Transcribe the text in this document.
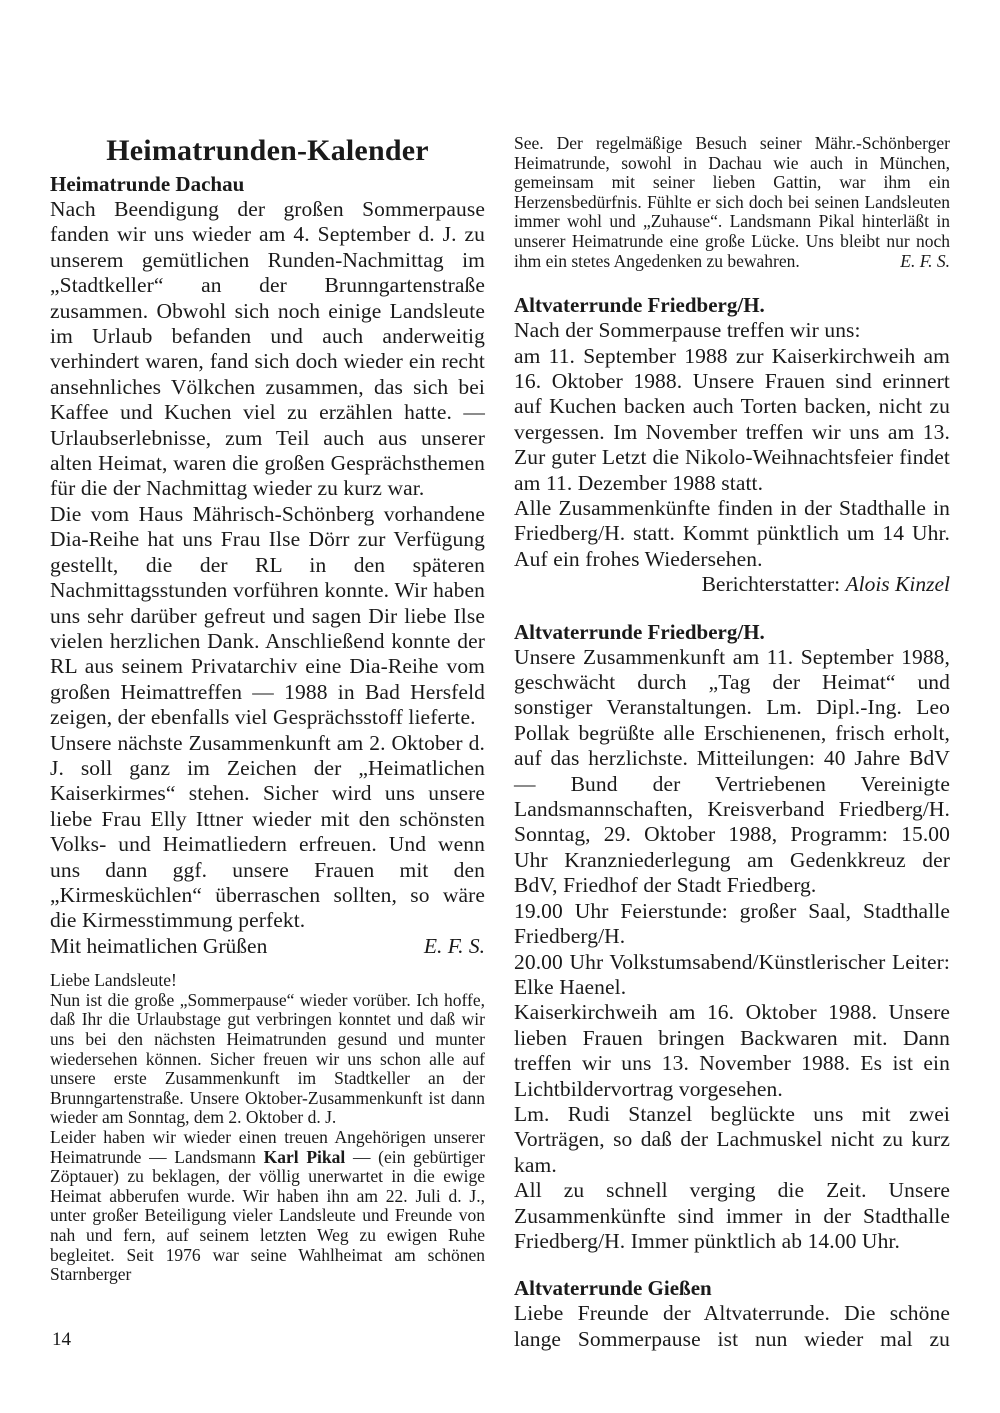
Heimatrunden-Kalender
Heimatrunde Dachau

Nach Beendigung der großen Sommerpause fanden wir uns wieder am 4. September d. J. zu unserem gemütlichen Runden-Nachmittag im „Stadtkeller“ an der Brunngartenstraße zusammen. Obwohl sich noch einige Landsleute im Urlaub befanden und auch anderweitig verhindert waren, fand sich doch wieder ein recht ansehnliches Völkchen zusammen, das sich bei Kaffee und Kuchen viel zu erzählen hatte. — Urlaubserlebnisse, zum Teil auch aus unserer alten Heimat, waren die großen Gesprächsthemen für die der Nachmittag wieder zu kurz war.

Die vom Haus Mährisch-Schönberg vorhandene Dia-Reihe hat uns Frau Ilse Dörr zur Verfügung gestellt, die der RL in den späteren Nachmittagsstunden vorführen konnte. Wir haben uns sehr darüber gefreut und sagen Dir liebe Ilse vielen herzlichen Dank. Anschließend konnte der RL aus seinem Privatarchiv eine Dia-Reihe vom großen Heimattreffen — 1988 in Bad Hersfeld zeigen, der ebenfalls viel Gesprächsstoff lieferte.

Unsere nächste Zusammenkunft am 2. Oktober d. J. soll ganz im Zeichen der „Heimatlichen Kaiserkirmes“ stehen. Sicher wird uns unsere liebe Frau Elly Ittner wieder mit den schönsten Volks- und Heimatliedern erfreuen. Und wenn uns dann ggf. unsere Frauen mit den „Kirmesküchlen“ überraschen sollten, so wäre die Kirmesstimmung perfekt.

Mit heimatlichen Grüßen	E. F. S.

Liebe Landsleute!

Nun ist die große „Sommerpause“ wieder vorüber. Ich hoffe, daß Ihr die Urlaubstage gut verbringen konntet und daß wir uns bei den nächsten Heimatrunden gesund und munter wiedersehen können. Sicher freuen wir uns schon alle auf unsere erste Zusammenkunft im Stadtkeller an der Brunngartenstraße. Unsere Oktober-Zusammenkunft ist dann wieder am Sonntag, dem 2. Oktober d. J.

Leider haben wir wieder einen treuen Angehörigen unserer Heimatrunde — Landsmann Karl Pikal — (ein gebürtiger Zöptauer) zu beklagen, der völlig unerwartet in die ewige Heimat abberufen wurde. Wir haben ihn am 22. Juli d. J., unter großer Beteiligung vieler Landsleute und Freunde von nah und fern, auf seinem letzten Weg zu ewigen Ruhe begleitet. Seit 1976 war seine Wahlheimat am schönen Starnberger

See. Der regelmäßige Besuch seiner Mähr.-Schönberger Heimatrunde, sowohl in Dachau wie auch in München, gemeinsam mit seiner lieben Gattin, war ihm ein Herzensbedürfnis. Fühlte er sich doch bei seinen Landsleuten immer wohl und „Zuhause“. Landsmann Pikal hinterläßt in unserer Heimatrunde eine große Lücke. Uns bleibt nur noch ihm ein stetes Angedenken zu bewahren.	E. F. S.

Altvaterrunde Friedberg/H.

Nach der Sommerpause treffen wir uns:

am 11. September 1988 zur Kaiserkirchweih am 16. Oktober 1988. Unsere Frauen sind erinnert auf Kuchen backen auch Torten backen, nicht zu vergessen. Im November treffen wir uns am 13. Zur guter Letzt die Nikolo-Weihnachtsfeier findet am 11. Dezember 1988 statt.

Alle Zusammenkünfte finden in der Stadthalle in Friedberg/H. statt. Kommt pünktlich um 14 Uhr. Auf ein frohes Wiedersehen.

Berichterstatter: Alois Kinzel
Altvaterrunde Friedberg/H.

Unsere Zusammenkunft am 11. September 1988, geschwächt durch „Tag der Heimat“ und sonstiger Veranstaltungen. Lm. Dipl.-Ing. Leo Pollak begrüßte alle Erschienenen, frisch erholt, auf das herzlichste. Mitteilungen: 40 Jahre BdV — Bund der Vertriebenen Vereinigte Landsmannschaften, Kreisverband Friedberg/H. Sonntag, 29. Oktober 1988, Programm: 15.00 Uhr Kranzniederlegung am Gedenkkreuz der BdV, Friedhof der Stadt Friedberg.

19.00 Uhr Feierstunde: großer Saal, Stadthalle Friedberg/H.

20.00 Uhr Volkstumsabend/Künstlerischer Leiter: Elke Haenel.

Kaiserkirchweih am 16. Oktober 1988. Unsere lieben Frauen bringen Backwaren mit. Dann treffen wir uns 13. November 1988. Es ist ein Lichtbildervortrag vorgesehen.

Lm. Rudi Stanzel beglückte uns mit zwei Vorträgen, so daß der Lachmuskel nicht zu kurz kam.

All zu schnell verging die Zeit. Unsere Zusammenkünfte sind immer in der Stadthalle Friedberg/H. Immer pünktlich ab 14.00 Uhr.

Altvaterrunde Gießen

Liebe Freunde der Altvaterrunde. Die schöne lange Sommerpause ist nun wieder mal zu

14
